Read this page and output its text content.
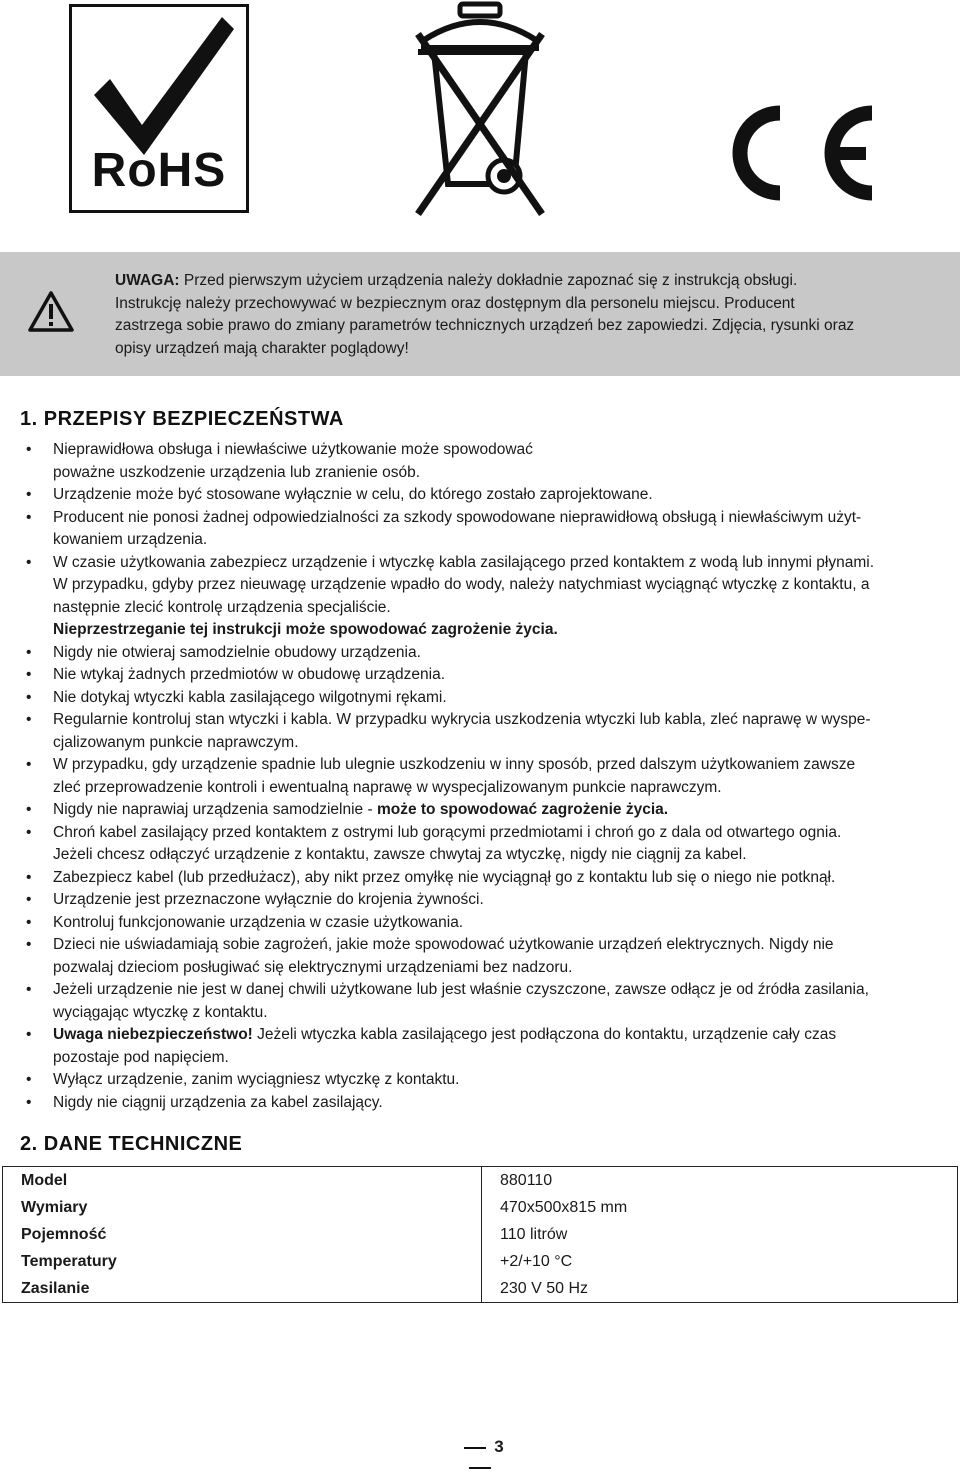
RoHS
UWAGA: Przed pierwszym użyciem urządzenia należy dokładnie zapoznać się z instrukcją obsługi.
Instrukcję należy przechowywać w bezpiecznym oraz dostępnym dla personelu miejscu. Producent
zastrzega sobie prawo do zmiany parametrów technicznych urządzeń bez zapowiedzi. Zdjęcia, rysunki oraz
opisy urządzeń mają charakter poglądowy!
1. PRZEPISY BEZPIECZEŃSTWA
• Nieprawidłowa obsługa i niewłaściwe użytkowanie może spowodować
poważne uszkodzenie urządzenia lub zranienie osób.
• Urządzenie może być stosowane wyłącznie w celu, do którego zostało zaprojektowane.
• Producent nie ponosi żadnej odpowiedzialności za szkody spowodowane nieprawidłową obsługą i niewłaściwym użyt-
kowaniem urządzenia.
• W czasie użytkowania zabezpiecz urządzenie i wtyczkę kabla zasilającego przed kontaktem z wodą lub innymi płynami.
W przypadku, gdyby przez nieuwagę urządzenie wpadło do wody, należy natychmiast wyciągnąć wtyczkę z kontaktu, a
następnie zlecić kontrolę urządzenia specjaliście.
Nieprzestrzeganie tej instrukcji może spowodować zagrożenie życia.
• Nigdy nie otwieraj samodzielnie obudowy urządzenia.
• Nie wtykaj żadnych przedmiotów w obudowę urządzenia.
• Nie dotykaj wtyczki kabla zasilającego wilgotnymi rękami.
• Regularnie kontroluj stan wtyczki i kabla. W przypadku wykrycia uszkodzenia wtyczki lub kabla, zleć naprawę w wyspe-
cjalizowanym punkcie naprawczym.
• W przypadku, gdy urządzenie spadnie lub ulegnie uszkodzeniu w inny sposób, przed dalszym użytkowaniem zawsze
zleć przeprowadzenie kontroli i ewentualną naprawę w wyspecjalizowanym punkcie naprawczym.
• Nigdy nie naprawiaj urządzenia samodzielnie - może to spowodować zagrożenie życia.
• Chroń kabel zasilający przed kontaktem z ostrymi lub gorącymi przedmiotami i chroń go z dala od otwartego ognia.
Jeżeli chcesz odłączyć urządzenie z kontaktu, zawsze chwytaj za wtyczkę, nigdy nie ciągnij za kabel.
• Zabezpiecz kabel (lub przedłużacz), aby nikt przez omyłkę nie wyciągnął go z kontaktu lub się o niego nie potknął.
• Urządzenie jest przeznaczone wyłącznie do krojenia żywności.
• Kontroluj funkcjonowanie urządzenia w czasie użytkowania.
• Dzieci nie uświadamiają sobie zagrożeń, jakie może spowodować użytkowanie urządzeń elektrycznych. Nigdy nie
pozwalaj dzieciom posługiwać się elektrycznymi urządzeniami bez nadzoru.
• Jeżeli urządzenie nie jest w danej chwili użytkowane lub jest właśnie czyszczone, zawsze odłącz je od źródła zasilania,
wyciągając wtyczkę z kontaktu.
• Uwaga niebezpieczeństwo! Jeżeli wtyczka kabla zasilającego jest podłączona do kontaktu, urządzenie cały czas
pozostaje pod napięciem.
• Wyłącz urządzenie, zanim wyciągniesz wtyczkę z kontaktu.
• Nigdy nie ciągnij urządzenia za kabel zasilający.
2. DANE TECHNICZNE
Model	880110
Wymiary	470x500x815 mm
Pojemność	110 litrów
Temperatury	+2/+10 °C
Zasilanie	230 V 50 Hz
3
